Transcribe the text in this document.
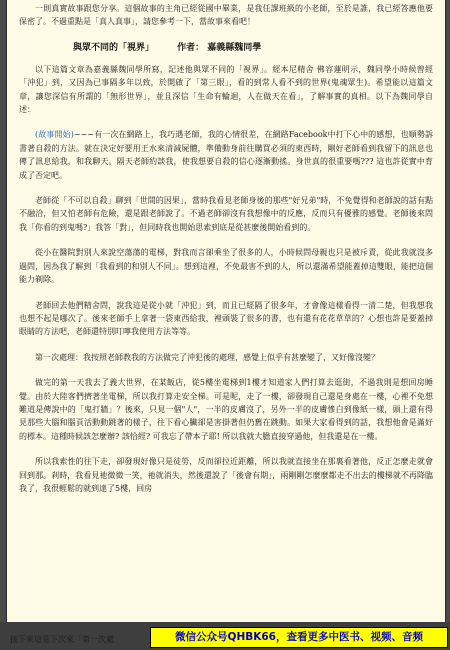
一則真實故事跟您分享。這個故事的主角已經從國中畢業，是我任課班級的小老師，至於是誰，我已經答應他要保密了。不過重點是「真人真事」，請您參考一下，當故事來看吧！

與眾不同的「視界」	作者： 嘉義縣魏同學

以下這篇文章為嘉義縣魏同學所寫，記述他與眾不同的「視界」。經本尼精舍 佛容蓮明示，魏同學小時候曾經「沖犯」到，又因為已事隔多年以致，於開啟了「第三眼」，看的到常人看不到的世界(鬼魂眾生)。希望能以這篇文章，讓您深信有所謂的「無形世界」，並且深信「生命有輪迴，人在做天在看」，了解事實的真相。以下為魏同學自述：

(故事開始)~~~有一次在網路上，我巧遇老師，我的心情很差，在網路Facebook中打下心中的感想，也順勢訴書著自殺的方法。就在決定好要用王水來清減屍體，準備動身前往購買必須的東西時，剛好老師看到我留下的訊息也傳了訊息給我，和我聊天。隔天老師約談我，使我想要自殺的信心逐漸動搖。身世真的很重要嗎??? 這也許從實中育成了否定吧。

老師從「不可以自殺」聊到「世間的因果」，當時我看見老師身後的那些"好兄弟"時，不免覺得和老師說的話有點不融洽，但又怕老師有危險，還是跟老師說了。不過老師卻沒有我想像中的反應，反而只有優雅的感覺。老師後來問我「你看的到鬼嗎?」我答「對」，但同時我也開始思索到底是從甚麼後開始看到的。

從小在醫院對別人來說空蕩蕩的電梯，對我而言卻乘坐了很多的人，小時候問母親也只是被斥責，從此我就沒多過問，因為我了解到「我看到的和別人不同」。想到這裡，不免最害不到的人，所以還滿希望能蓋掉這雙眼，能把這個能力剃除。

老師回去他們精舍問，說我這是從小就「沖犯」到，而且已經隔了很多年，才會像這樣看得一清二楚，但我想我也想不起是哪次了。後來老師手上拿著一袋東西給我，裡頭裝了很多的書，也有還有花花草草的？心想也許是要蓋掉眼睛的方法吧，老師還特別叮嚀我使用方法等等。

第一次處理：我按照老師教我的方法做完了沖犯後的處理，感覺上似乎有甚麼變了，又好像沒變？

做完的第一天我去了義大世界，在某飯店，從5樓坐電梯到1樓才知道家人們打算去逛街，不過我則是想回房睡覺。由於大陸客們擠著坐電梯，所以我打算走安全梯。可是呢，走了一樓，卻發現自己還是身處在一樓，心裡不免想難道是傳說中的「鬼打牆」？後來，只見一個"人"，一半的皮膚沒了，另外一半的皮膚慘白到像紙一樣，頭上還有得見那些大腦和腦頁活動動跳著的樣子，往下看心臟卻是害掛著但仍舊在跳動。如果大家看得到的話，我想他會是滿好的標本。這種時候該怎麼辦? 該恰經? 可我忘了帶本子耶! 所以我就大膽直接穿過他，但我還是在一樓。

所以我索性的往下走，卻發現好像只是徒勞，反而卻拉近距離，所以我就直接坐在那裏看著他，反正怎麼走就會回到那。剎時，我看見祂微微一笑，祂就消失，然後還說了「後會有期」，兩剛剛怎麼麼都走不出去的樓梯就不再降臨我了，我很輕鬆的就到達了5樓，回房

接下來這是下次來「第一次處	微信公众号QHBK66，查看更多中医书、视频、音频
